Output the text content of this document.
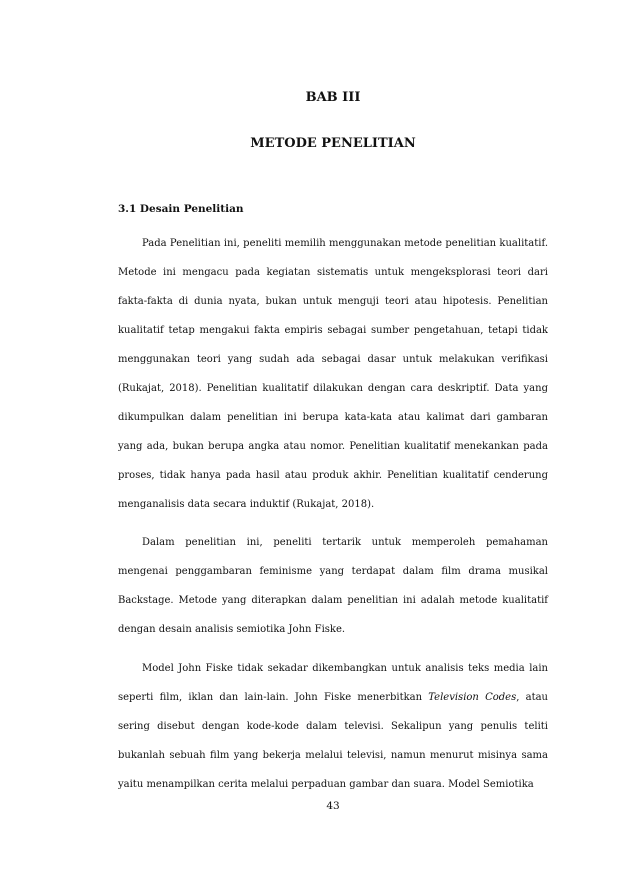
BAB III
METODE PENELITIAN
3.1 Desain Penelitian

Pada Penelitian ini, peneliti memilih menggunakan metode penelitian kualitatif. Metode ini mengacu pada kegiatan sistematis untuk mengeksplorasi teori dari fakta-fakta di dunia nyata, bukan untuk menguji teori atau hipotesis. Penelitian kualitatif tetap mengakui fakta empiris sebagai sumber pengetahuan, tetapi tidak menggunakan teori yang sudah ada sebagai dasar untuk melakukan verifikasi (Rukajat, 2018). Penelitian kualitatif dilakukan dengan cara deskriptif. Data yang dikumpulkan dalam penelitian ini berupa kata-kata atau kalimat dari gambaran yang ada, bukan berupa angka atau nomor. Penelitian kualitatif menekankan pada proses, tidak hanya pada hasil atau produk akhir. Penelitian kualitatif cenderung menganalisis data secara induktif (Rukajat, 2018).

Dalam penelitian ini, peneliti tertarik untuk memperoleh pemahaman mengenai penggambaran feminisme yang terdapat dalam film drama musikal Backstage. Metode yang diterapkan dalam penelitian ini adalah metode kualitatif dengan desain analisis semiotika John Fiske.

Model John Fiske tidak sekadar dikembangkan untuk analisis teks media lain seperti film, iklan dan lain-lain. John Fiske menerbitkan Television Codes, atau sering disebut dengan kode-kode dalam televisi. Sekalipun yang penulis teliti bukanlah sebuah film yang bekerja melalui televisi, namun menurut misinya sama yaitu menampilkan cerita melalui perpaduan gambar dan suara. Model Semiotika

43
